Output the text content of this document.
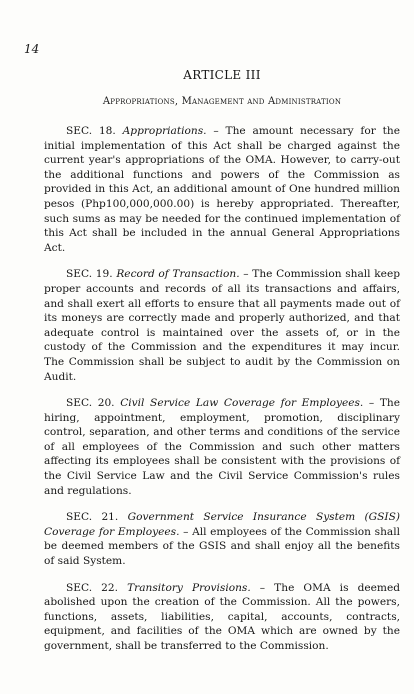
14
ARTICLE III
Appropriations, Management and Administration

SEC. 18. Appropriations. – The amount necessary for the initial implementation of this Act shall be charged against the current year's appropriations of the OMA. However, to carry-out the additional functions and powers of the Commission as provided in this Act, an additional amount of One hundred million pesos (Php100,000,000.00) is hereby appropriated. Thereafter, such sums as may be needed for the continued implementation of this Act shall be included in the annual General Appropriations Act.

SEC. 19. Record of Transaction. – The Commission shall keep proper accounts and records of all its transactions and affairs, and shall exert all efforts to ensure that all payments made out of its moneys are correctly made and properly authorized, and that adequate control is maintained over the assets of, or in the custody of the Commission and the expenditures it may incur. The Commission shall be subject to audit by the Commission on Audit.

SEC. 20. Civil Service Law Coverage for Employees. – The hiring, appointment, employment, promotion, disciplinary control, separation, and other terms and conditions of the service of all employees of the Commission and such other matters affecting its employees shall be consistent with the provisions of the Civil Service Law and the Civil Service Commission's rules and regulations.

SEC. 21. Government Service Insurance System (GSIS) Coverage for Employees. – All employees of the Commission shall be deemed members of the GSIS and shall enjoy all the benefits of said System.

SEC. 22. Transitory Provisions. – The OMA is deemed abolished upon the creation of the Commission. All the powers, functions, assets, liabilities, capital, accounts, contracts, equipment, and facilities of the OMA which are owned by the government, shall be transferred to the Commission.
